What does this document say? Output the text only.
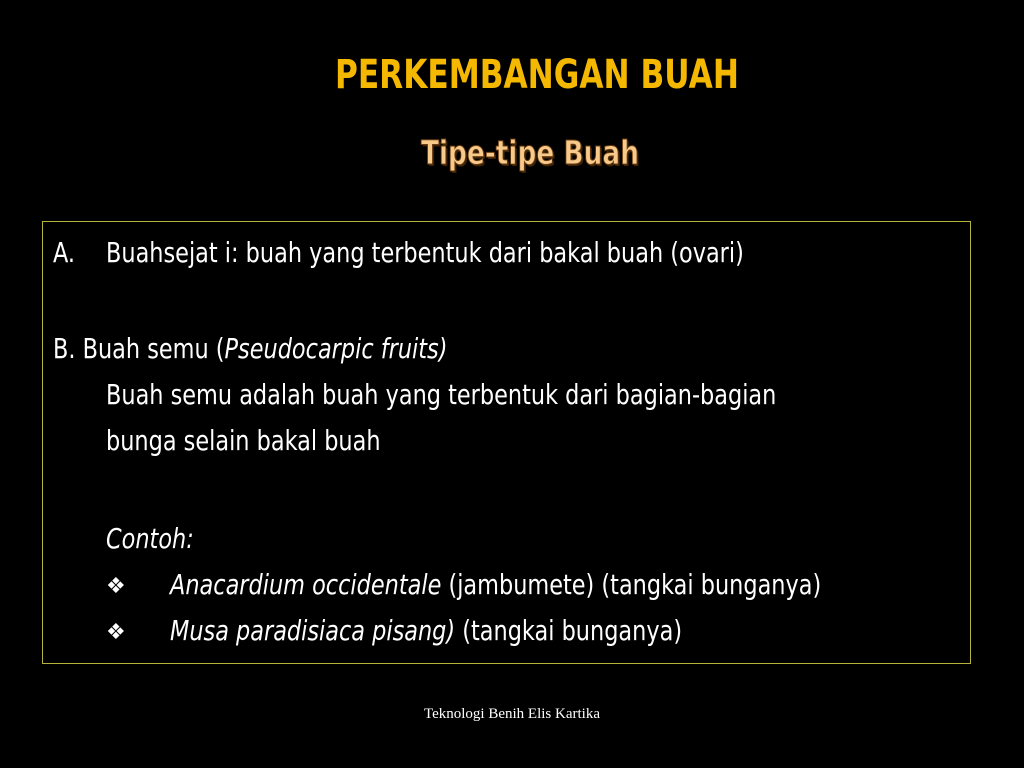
PERKEMBANGAN BUAH
Tipe-tipe Buah
A. Buahsejat i: buah yang terbentuk dari bakal buah (ovari)
B. Buah semu (Pseudocarpic fruits)
Buah semu adalah buah yang terbentuk dari bagian-bagian
bunga selain bakal buah
Contoh:
❖ Anacardium occidentale (jambumete) (tangkai bunganya)
❖ Musa paradisiaca pisang) (tangkai bunganya)
Teknologi Benih Elis Kartika
